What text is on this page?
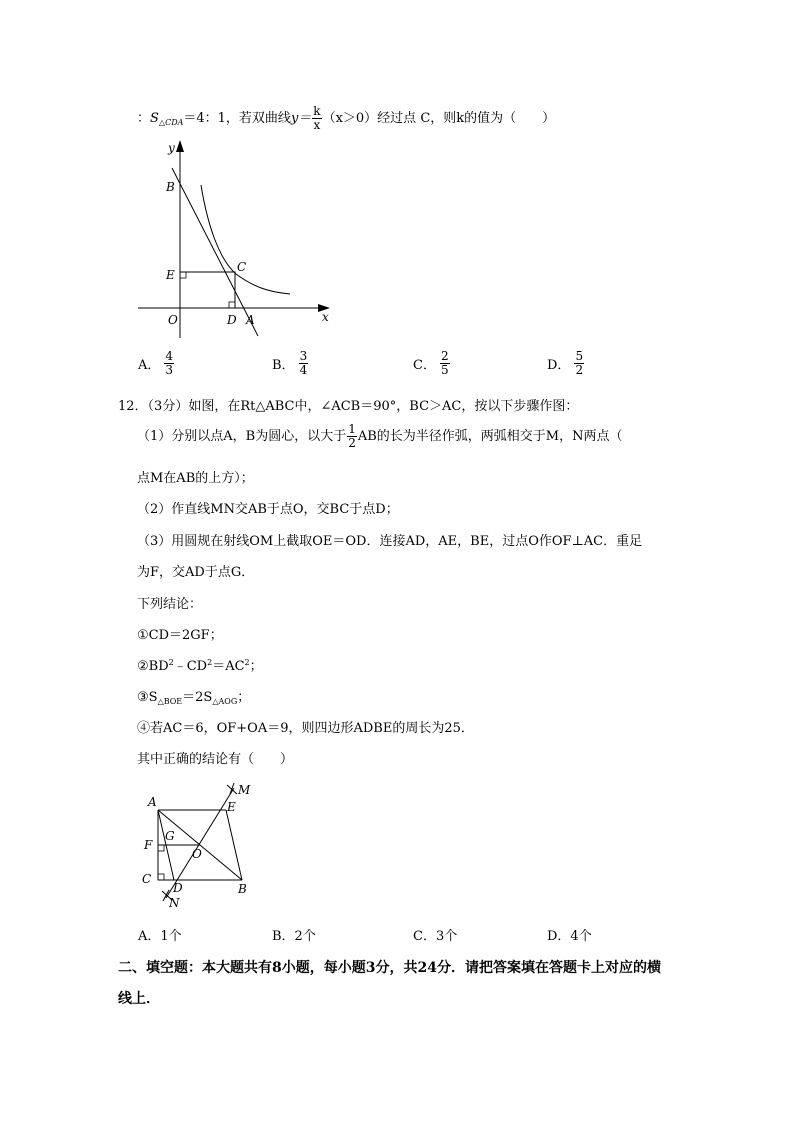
：$S_{\triangle CDA}=4$：1，若双曲线$y= \frac{k}{x} (x>0)$经过点 C，则k的值为（　　）
y
B
E
C
O	D A	x
A． $\frac{4}{3}$	B． $\frac{3}{4}$	C． $\frac{2}{5}$	D． $\frac{5}{2}$
12．（3分）如图，在Rt△ABC中，∠ACB＝90°，BC＞AC，按以下步骤作图：
（1）分别以点A，B为圆心，以大于 $\frac{1}{2}$ AB的长为半径作弧，两弧相交于M，N两点（
点M在AB的上方）；
（2）作直线MN交AB于点O，交BC于点D；
（3）用圆规在射线OM上截取OE＝OD．连接AD，AE，BE，过点O作OF⊥AC．重足
为F，交AD于点G．
下列结论：
①CD＝2GF；
$②BD^2﹣CD^2=AC^2$；
$③S_{\triangle BOE}=2S_{\triangle AOG}$；
④若AC＝6，OF+OA＝9，则四边形ADBE的周长为25．
其中正确的结论有（　　）
M
A	E
G
F
O
C
D	B
N
A．1个	B．2个	C．3个	D．4个
二、填空题：本大题共有8小题，每小题3分，共24分．请把答案填在答题卡上对应的横
线上．
